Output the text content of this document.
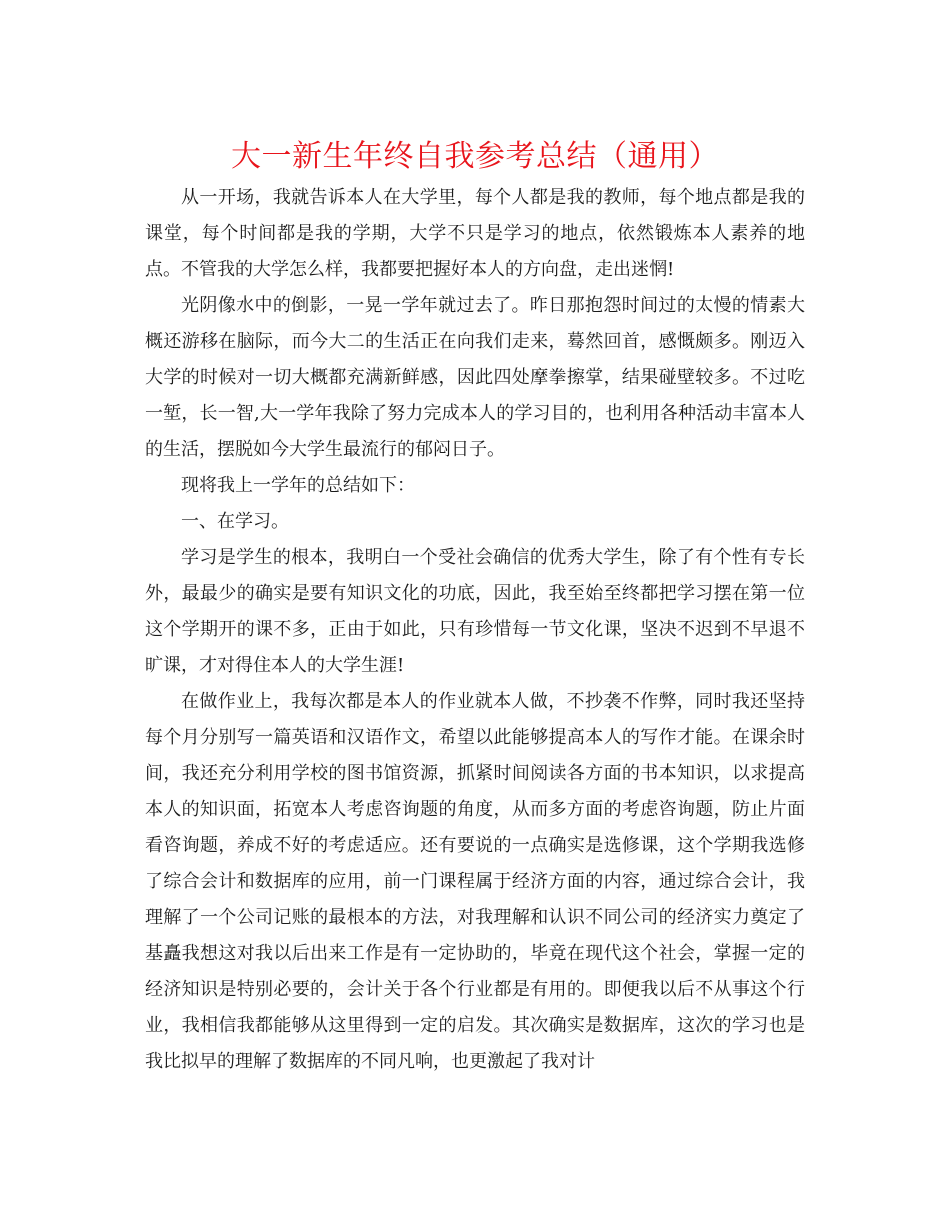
大一新生年终自我参考总结（通用）

从一开场，我就告诉本人在大学里，每个人都是我的教师，每个地点都是我的课堂，每个时间都是我的学期，大学不只是学习的地点，依然锻炼本人素养的地点。不管我的大学怎么样，我都要把握好本人的方向盘，走出迷惘!

光阴像水中的倒影，一晃一学年就过去了。昨日那抱怨时间过的太慢的情素大概还游移在脑际，而今大二的生活正在向我们走来，蓦然回首，感慨颇多。刚迈入大学的时候对一切大概都充满新鲜感，因此四处摩拳擦掌，结果碰壁较多。不过吃一堑，长一智,大一学年我除了努力完成本人的学习目的，也利用各种活动丰富本人的生活，摆脱如今大学生最流行的郁闷日子。

现将我上一学年的总结如下：

一、在学习。

学习是学生的根本，我明白一个受社会确信的优秀大学生，除了有个性有专长外，最最少的确实是要有知识文化的功底，因此，我至始至终都把学习摆在第一位这个学期开的课不多，正由于如此，只有珍惜每一节文化课，坚决不迟到不早退不旷课，才对得住本人的大学生涯!

在做作业上，我每次都是本人的作业就本人做，不抄袭不作弊，同时我还坚持每个月分别写一篇英语和汉语作文，希望以此能够提高本人的写作才能。在课余时间，我还充分利用学校的图书馆资源，抓紧时间阅读各方面的书本知识，以求提高本人的知识面，拓宽本人考虑咨询题的角度，从而多方面的考虑咨询题，防止片面看咨询题，养成不好的考虑适应。还有要说的一点确实是选修课，这个学期我选修了综合会计和数据库的应用，前一门课程属于经济方面的内容，通过综合会计，我理解了一个公司记账的最根本的方法，对我理解和认识不同公司的经济实力奠定了基矗我想这对我以后出来工作是有一定协助的，毕竟在现代这个社会，掌握一定的经济知识是特别必要的，会计关于各个行业都是有用的。即便我以后不从事这个行业，我相信我都能够从这里得到一定的启发。其次确实是数据库，这次的学习也是我比拟早的理解了数据库的不同凡响，也更激起了我对计
